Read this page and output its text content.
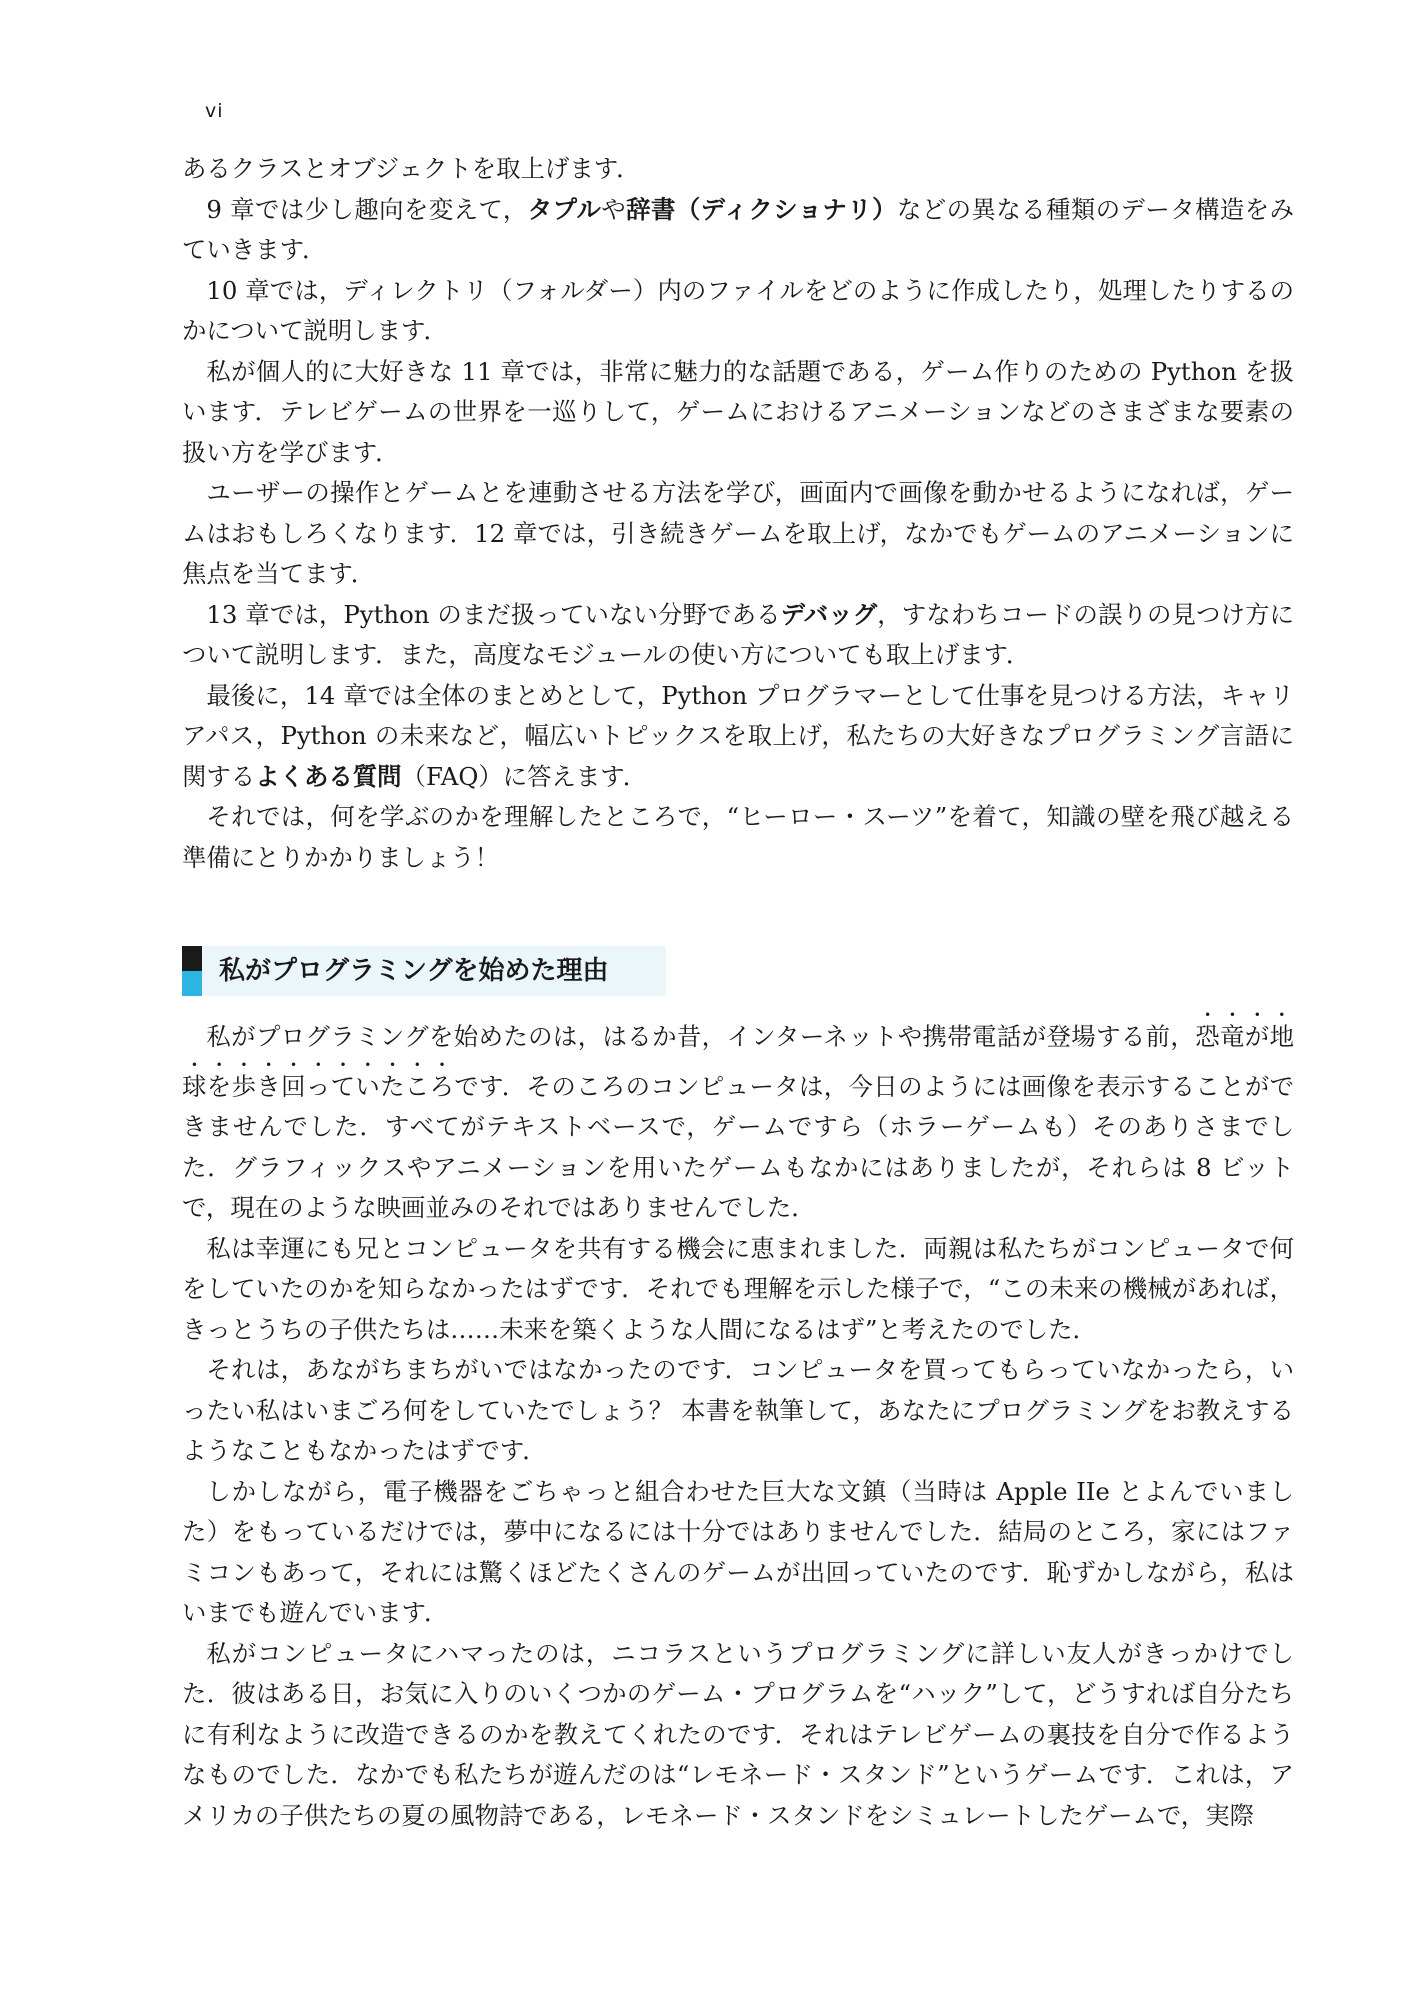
vi

あるクラスとオブジェクトを取上げます．

9 章では少し趣向を変えて，タプルや辞書（ディクショナリ）などの異なる種類のデータ構造をみていきます．

10 章では，ディレクトリ（フォルダー）内のファイルをどのように作成したり，処理したりするのかについて説明します．

私が個人的に大好きな 11 章では，非常に魅力的な話題である，ゲーム作りのための Python を扱います．テレビゲームの世界を一巡りして，ゲームにおけるアニメーションなどのさまざまな要素の扱い方を学びます．

ユーザーの操作とゲームとを連動させる方法を学び，画面内で画像を動かせるようになれば，ゲームはおもしろくなります．12 章では，引き続きゲームを取上げ，なかでもゲームのアニメーションに焦点を当てます．

13 章では，Python のまだ扱っていない分野であるデバッグ，すなわちコードの誤りの見つけ方について説明します．また，高度なモジュールの使い方についても取上げます．

最後に，14 章では全体のまとめとして，Python プログラマーとして仕事を見つける方法，キャリアパス，Python の未来など，幅広いトピックスを取上げ，私たちの大好きなプログラミング言語に関するよくある質問（FAQ）に答えます．

それでは，何を学ぶのかを理解したところで，“ヒーロー・スーツ”を着て，知識の壁を飛び越える準備にとりかかりましょう！

私がプログラミングを始めた理由

私がプログラミングを始めたのは，はるか昔，インターネットや携帯電話が登場する前，恐竜が地球を歩き回っていたころです．そのころのコンピュータは，今日のようには画像を表示することができませんでした．すべてがテキストベースで，ゲームですら（ホラーゲームも）そのありさまでした．グラフィックスやアニメーションを用いたゲームもなかにはありましたが，それらは 8 ビットで，現在のような映画並みのそれではありませんでした．

私は幸運にも兄とコンピュータを共有する機会に恵まれました．両親は私たちがコンピュータで何をしていたのかを知らなかったはずです．それでも理解を示した様子で，“この未来の機械があれば，きっとうちの子供たちは……未来を築くような人間になるはず”と考えたのでした．

それは，あながちまちがいではなかったのです．コンピュータを買ってもらっていなかったら，いったい私はいまごろ何をしていたでしょう？ 本書を執筆して，あなたにプログラミングをお教えするようなこともなかったはずです．

しかしながら，電子機器をごちゃっと組合わせた巨大な文鎮（当時は Apple IIe とよんでいました）をもっているだけでは，夢中になるには十分ではありませんでした．結局のところ，家にはファミコンもあって，それには驚くほどたくさんのゲームが出回っていたのです．恥ずかしながら，私はいまでも遊んでいます．

私がコンピュータにハマったのは，ニコラスというプログラミングに詳しい友人がきっかけでした．彼はある日，お気に入りのいくつかのゲーム・プログラムを“ハック”して，どうすれば自分たちに有利なように改造できるのかを教えてくれたのです．それはテレビゲームの裏技を自分で作るようなものでした．なかでも私たちが遊んだのは“レモネード・スタンド”というゲームです．これは，アメリカの子供たちの夏の風物詩である，レモネード・スタンドをシミュレートしたゲームで，実際
